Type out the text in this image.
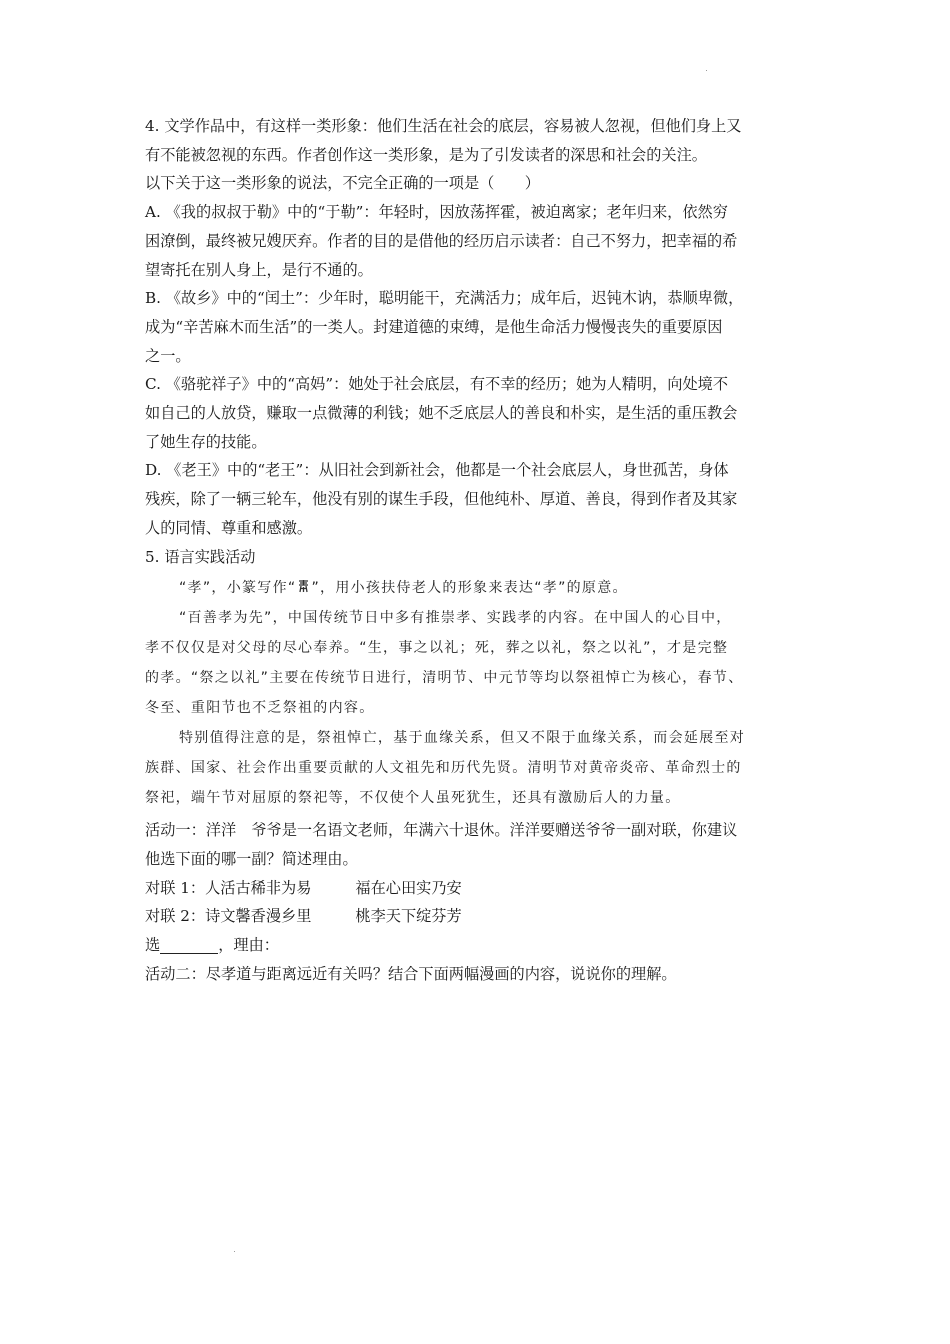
4. 文学作品中，有这样一类形象：他们生活在社会的底层，容易被人忽视，但他们身上又

有不能被忽视的东西。作者创作这一类形象，是为了引发读者的深思和社会的关注。

以下关于这一类形象的说法，不完全正确的一项是（　　）

A. 《我的叔叔于勒》中的“于勒”：年轻时，因放荡挥霍，被迫离家；老年归来，依然穷

困潦倒，最终被兄嫂厌弃。作者的目的是借他的经历启示读者：自己不努力，把幸福的希

望寄托在别人身上，是行不通的。

B. 《故乡》中的“闰土”：少年时，聪明能干，充满活力；成年后，迟钝木讷，恭顺卑微，

成为“辛苦麻木而生活”的一类人。封建道德的束缚，是他生命活力慢慢丧失的重要原因

之一。

C. 《骆驼祥子》中的“高妈”：她处于社会底层，有不幸的经历；她为人精明，向处境不

如自己的人放贷，赚取一点微薄的利钱；她不乏底层人的善良和朴实，是生活的重压教会

了她生存的技能。

D. 《老王》中的“老王”：从旧社会到新社会，他都是一个社会底层人，身世孤苦，身体

残疾，除了一辆三轮车，他没有别的谋生手段，但他纯朴、厚道、善良，得到作者及其家

人的同情、尊重和感激。

5. 语言实践活动

“孝”，小篆写作“ ”，用小孩扶侍老人的形象来表达“孝”的原意。

“百善孝为先”，中国传统节日中多有推崇孝、实践孝的内容。在中国人的心目中，

孝不仅仅是对父母的尽心奉养。“生，事之以礼；死，葬之以礼，祭之以礼”，才是完整

的孝。“祭之以礼”主要在传统节日进行，清明节、中元节等均以祭祖悼亡为核心，春节、

冬至、重阳节也不乏祭祖的内容。

特别值得注意的是，祭祖悼亡，基于血缘关系，但又不限于血缘关系，而会延展至对

族群、国家、社会作出重要贡献的人文祖先和历代先贤。清明节对黄帝炎帝、革命烈士的

祭祀，端午节对屈原的祭祀等，不仅使个人虽死犹生，还具有激励后人的力量。

活动一：洋洋　爷爷是一名语文老师，年满六十退休。洋洋要赠送爷爷一副对联，你建议

他选下面的哪一副？简述理由。

对联 1：人活古稀非为易	福在心田实乃安

对联 2：诗文馨香漫乡里	桃李天下绽芬芳

选	，理由：

活动二：尽孝道与距离远近有关吗？结合下面两幅漫画的内容，说说你的理解。
